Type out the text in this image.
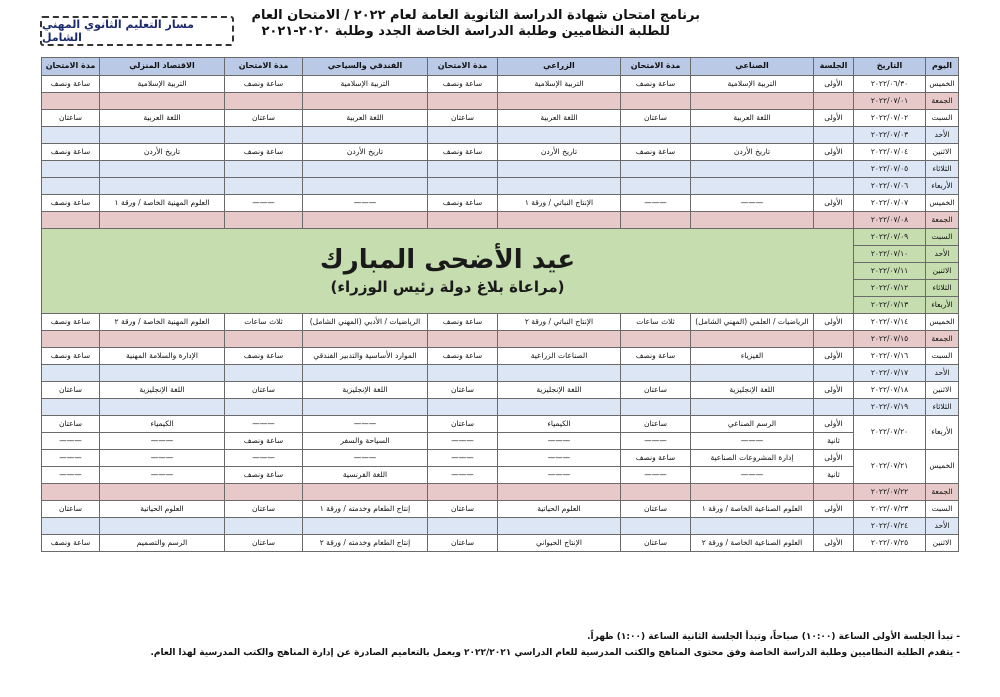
برنامج امتحان شهادة الدراسة الثانوية العامة لعام ٢٠٢٢ / الامتحان العام
للطلبة النظاميين وطلبة الدراسة الخاصة الجدد وطلبة ٢٠٢٠-٢٠٢١
مسار التعليم الثانوي المهني الشامل
اليوم	التاريخ	الجلسة	الصناعي	مدة الامتحان	الزراعي	مدة الامتحان	الفندقي والسياحي	مدة الامتحان	الاقتصاد المنزلي	مدة الامتحان
الخميس	٢٠٢٢/٠٦/٣٠	الأولى	التربية الإسلامية	ساعة ونصف	التربية الإسلامية	ساعة ونصف	التربية الإسلامية	ساعة ونصف	التربية الإسلامية	ساعة ونصف
الجمعة	٢٠٢٢/٠٧/٠١									
السبت	٢٠٢٢/٠٧/٠٢	الأولى	اللغة العربية	ساعتان	اللغة العربية	ساعتان	اللغة العربية	ساعتان	اللغة العربية	ساعتان
الأحد	٢٠٢٢/٠٧/٠٣									
الاثنين	٢٠٢٢/٠٧/٠٤	الأولى	تاريخ الأردن	ساعة ونصف	تاريخ الأردن	ساعة ونصف	تاريخ الأردن	ساعة ونصف	تاريخ الأردن	ساعة ونصف
الثلاثاء	٢٠٢٢/٠٧/٠٥									
الأربعاء	٢٠٢٢/٠٧/٠٦									
الخميس	٢٠٢٢/٠٧/٠٧	الأولى	———	———	الإنتاج النباتي / ورقة ١	ساعة ونصف	———	———	العلوم المهنية الخاصة / ورقة ١	ساعة ونصف
الجمعة	٢٠٢٢/٠٧/٠٨									
السبت	٢٠٢٢/٠٧/٠٩	عيد الأضحى المبارك
(مراعاة بلاغ دولة رئيس الوزراء)								

الأحد	٢٠٢٢/٠٧/١٠									
الاثنين	٢٠٢٢/٠٧/١١									
الثلاثاء	٢٠٢٢/٠٧/١٢									
الأربعاء	٢٠٢٢/٠٧/١٣									
الخميس	٢٠٢٢/٠٧/١٤	الأولى	الرياضيات / العلمي (المهني الشامل)	ثلاث ساعات	الإنتاج النباتي / ورقة ٢	ساعة ونصف	الرياضيات / الأدبي (المهني الشامل)	ثلاث ساعات	العلوم المهنية الخاصة / ورقة ٢	ساعة ونصف
الجمعة	٢٠٢٢/٠٧/١٥									
السبت	٢٠٢٢/٠٧/١٦	الأولى	الفيزياء	ساعة ونصف	الصناعات الزراعية	ساعة ونصف	الموارد الأساسية والتدبير الفندقي	ساعة ونصف	الإدارة والسلامة المهنية	ساعة ونصف
الأحد	٢٠٢٢/٠٧/١٧									
الاثنين	٢٠٢٢/٠٧/١٨	الأولى	اللغة الإنجليزية	ساعتان	اللغة الإنجليزية	ساعتان	اللغة الإنجليزية	ساعتان	اللغة الإنجليزية	ساعتان
الثلاثاء	٢٠٢٢/٠٧/١٩									
الأربعاء	٢٠٢٢/٠٧/٢٠	الأولى	الرسم الصناعي	ساعتان	الكيمياء	ساعتان	———	———	الكيمياء	ساعتان
		ثانية	———	———	———	———	السياحة والسفر	ساعة ونصف	———	———
الخميس	٢٠٢٢/٠٧/٢١	الأولى	إدارة المشروعات الصناعية	ساعة ونصف	———	———	———	———	———	———
		ثانية	———	———	———	———	اللغة الفرنسية	ساعة ونصف	———	———
الجمعة	٢٠٢٢/٠٧/٢٢									
السبت	٢٠٢٢/٠٧/٢٣	الأولى	العلوم الصناعية الخاصة / ورقة ١	ساعتان	العلوم الحياتية	ساعتان	إنتاج الطعام وخدمته / ورقة ١	ساعتان	العلوم الحياتية	ساعتان
الأحد	٢٠٢٢/٠٧/٢٤									
الاثنين	٢٠٢٢/٠٧/٢٥	الأولى	العلوم الصناعية الخاصة / ورقة ٢	ساعتان	الإنتاج الحيواني	ساعتان	إنتاج الطعام وخدمته / ورقة ٢	ساعتان	الرسم والتصميم	ساعة ونصف
- تبدأ الجلسة الأولى الساعة (١٠:٠٠) صباحاً، وتبدأ الجلسة الثانية الساعة (١:٠٠) ظهراً.
- يتقدم الطلبة النظاميين وطلبة الدراسة الخاصة وفق محتوى المناهج والكتب المدرسية للعام الدراسي ٢٠٢٢/٢٠٢١ ويعمل بالتعاميم الصادرة عن إدارة المناهج والكتب المدرسية لهذا العام.
